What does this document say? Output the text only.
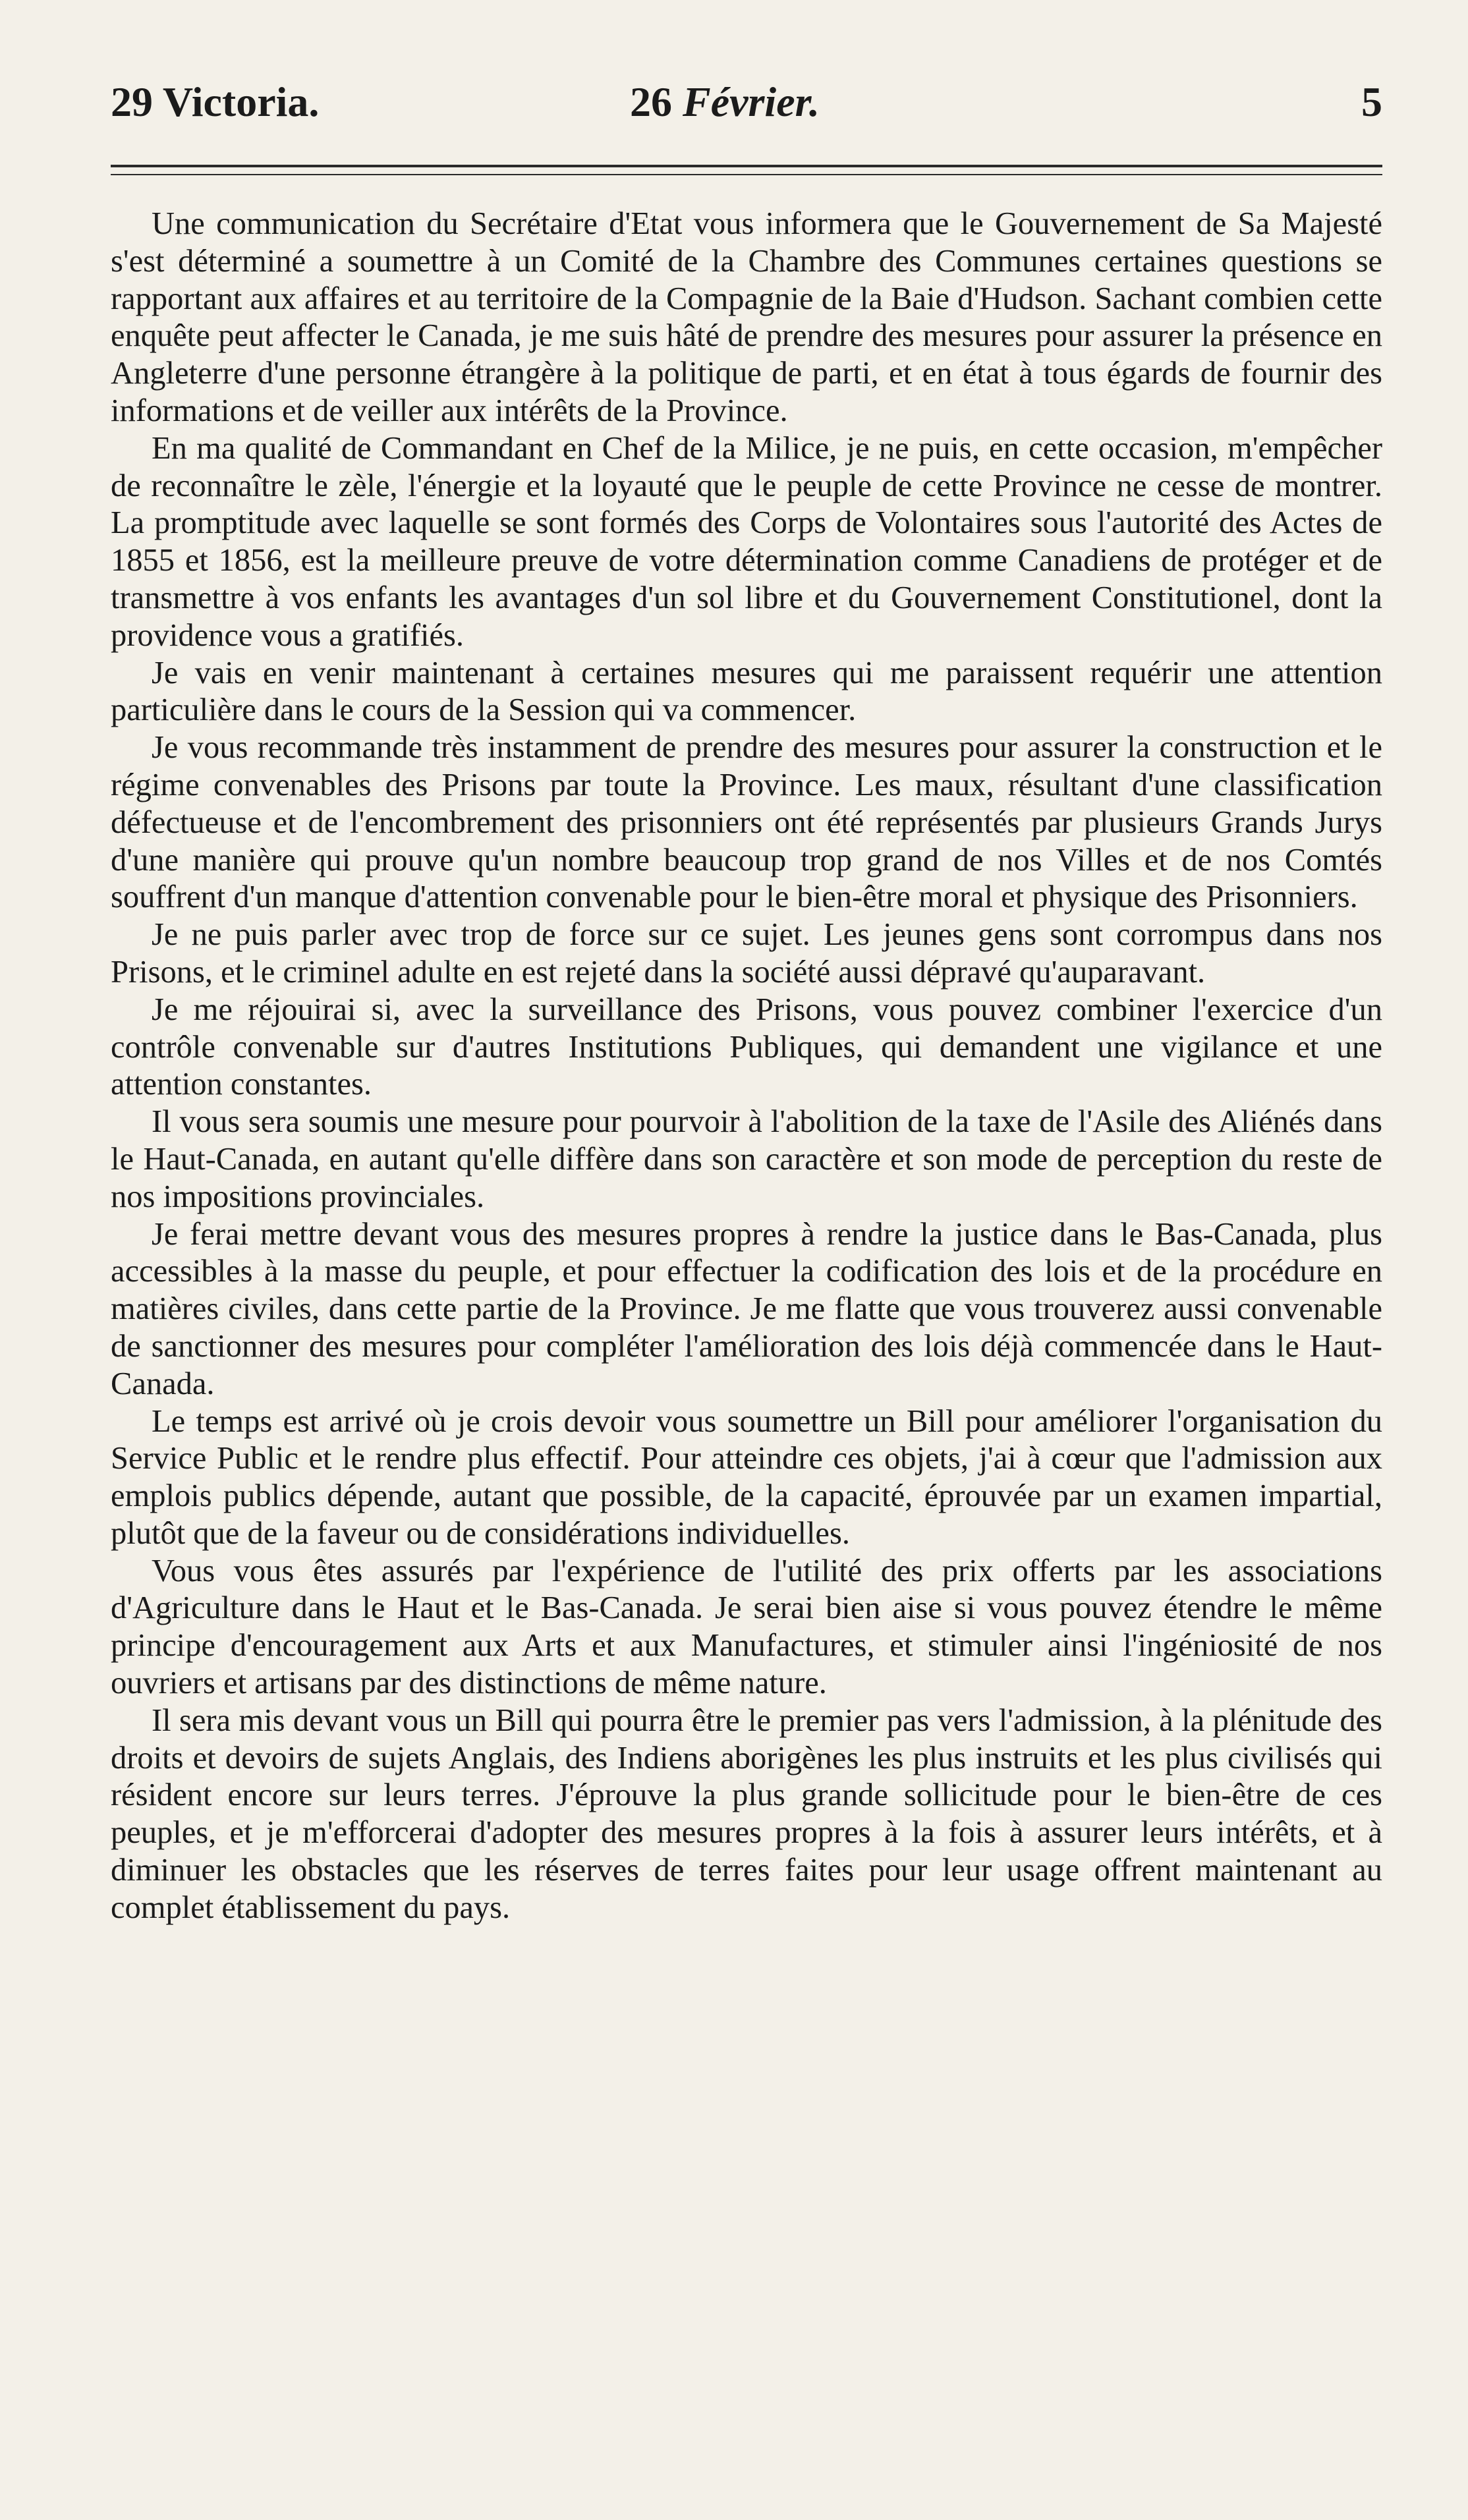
29 Victoria.	26 Février.	5

Une communication du Secrétaire d'Etat vous informera que le Gouvernement de Sa Majesté s'est déterminé a soumettre à un Comité de la Chambre des Communes certaines questions se rapportant aux affaires et au territoire de la Compagnie de la Baie d'Hudson. Sachant combien cette enquête peut affecter le Canada, je me suis hâté de prendre des mesures pour assurer la présence en Angleterre d'une personne étrangère à la politique de parti, et en état à tous égards de fournir des informations et de veiller aux intérêts de la Province.

En ma qualité de Commandant en Chef de la Milice, je ne puis, en cette occasion, m'empêcher de reconnaître le zèle, l'énergie et la loyauté que le peuple de cette Province ne cesse de montrer. La promptitude avec laquelle se sont formés des Corps de Volontaires sous l'autorité des Actes de 1855 et 1856, est la meilleure preuve de votre détermination comme Canadiens de protéger et de transmettre à vos enfants les avantages d'un sol libre et du Gouvernement Constitutionel, dont la providence vous a gratifiés.

Je vais en venir maintenant à certaines mesures qui me paraissent requérir une attention particulière dans le cours de la Session qui va commencer.

Je vous recommande très instamment de prendre des mesures pour assurer la construction et le régime convenables des Prisons par toute la Province. Les maux, résultant d'une classification défectueuse et de l'encombrement des prisonniers ont été représentés par plusieurs Grands Jurys d'une manière qui prouve qu'un nombre beaucoup trop grand de nos Villes et de nos Comtés souffrent d'un manque d'attention convenable pour le bien-être moral et physique des Prisonniers.

Je ne puis parler avec trop de force sur ce sujet. Les jeunes gens sont corrompus dans nos Prisons, et le criminel adulte en est rejeté dans la société aussi dépravé qu'auparavant.

Je me réjouirai si, avec la surveillance des Prisons, vous pouvez combiner l'exercice d'un contrôle convenable sur d'autres Institutions Publiques, qui demandent une vigilance et une attention constantes.

Il vous sera soumis une mesure pour pourvoir à l'abolition de la taxe de l'Asile des Aliénés dans le Haut-Canada, en autant qu'elle diffère dans son caractère et son mode de perception du reste de nos impositions provinciales.

Je ferai mettre devant vous des mesures propres à rendre la justice dans le Bas-Canada, plus accessibles à la masse du peuple, et pour effectuer la codification des lois et de la procédure en matières civiles, dans cette partie de la Province. Je me flatte que vous trouverez aussi convenable de sanctionner des mesures pour compléter l'amélioration des lois déjà commencée dans le Haut-Canada.

Le temps est arrivé où je crois devoir vous soumettre un Bill pour améliorer l'organisation du Service Public et le rendre plus effectif. Pour atteindre ces objets, j'ai à cœur que l'admission aux emplois publics dépende, autant que possible, de la capacité, éprouvée par un examen impartial, plutôt que de la faveur ou de considérations individuelles.

Vous vous êtes assurés par l'expérience de l'utilité des prix offerts par les associations d'Agriculture dans le Haut et le Bas-Canada. Je serai bien aise si vous pouvez étendre le même principe d'encouragement aux Arts et aux Manufactures, et stimuler ainsi l'ingéniosité de nos ouvriers et artisans par des distinctions de même nature.

Il sera mis devant vous un Bill qui pourra être le premier pas vers l'admission, à la plénitude des droits et devoirs de sujets Anglais, des Indiens aborigènes les plus instruits et les plus civilisés qui résident encore sur leurs terres. J'éprouve la plus grande sollicitude pour le bien-être de ces peuples, et je m'efforcerai d'adopter des mesures propres à la fois à assurer leurs intérêts, et à diminuer les obstacles que les réserves de terres faites pour leur usage offrent maintenant au complet établissement du pays.
